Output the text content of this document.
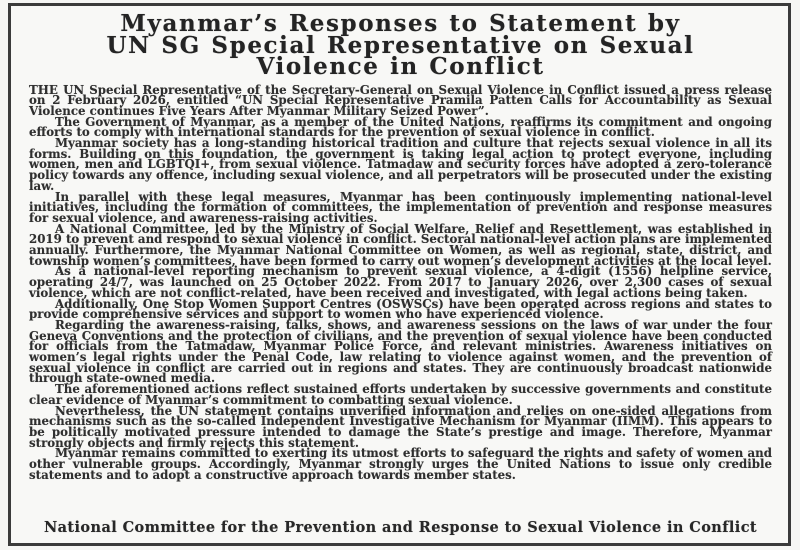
Myanmar’s Responses to Statement by
UN SG Special Representative on Sexual
Violence in Conflict

THE UN Special Representative of the Secretary-General on Sexual Violence in Conflict issued a press release on 2 February 2026, entitled “UN Special Representative Pramila Patten Calls for Accountability as Sexual Violence continues Five Years After Myanmar Military Seized Power”.

The Government of Myanmar, as a member of the United Nations, reaffirms its commitment and ongoing efforts to comply with international standards for the prevention of sexual violence in conflict.

Myanmar society has a long-standing historical tradition and culture that rejects sexual violence in all its forms. Building on this foundation, the government is taking legal action to protect everyone, including women, men and LGBTQI+, from sexual violence. Tatmadaw and security forces have adopted a zero-tolerance policy towards any offence, including sexual violence, and all perpetrators will be prosecuted under the existing law.

In parallel with these legal measures, Myanmar has been continuously implementing national-level initiatives, including the formation of committees, the implementation of prevention and response measures for sexual violence, and awareness-raising activities.

A National Committee, led by the Ministry of Social Welfare, Relief and Resettlement, was established in 2019 to prevent and respond to sexual violence in conflict. Sectoral national-level action plans are implemented annually. Furthermore, the Myanmar National Committee on Women, as well as regional, state, district, and township women’s committees, have been formed to carry out women’s development activities at the local level.

As a national-level reporting mechanism to prevent sexual violence, a 4-digit (1556) helpline service, operating 24/7, was launched on 25 October 2022. From 2017 to January 2026, over 2,300 cases of sexual violence, which are not conflict-related, have been received and investigated, with legal actions being taken.

Additionally, One Stop Women Support Centres (OSWSCs) have been operated across regions and states to provide comprehensive services and support to women who have experienced violence.

Regarding the awareness-raising, talks, shows, and awareness sessions on the laws of war under the four Geneva Conventions and the protection of civilians, and the prevention of sexual violence have been conducted for officials from the Tatmadaw, Myanmar Police Force, and relevant ministries. Awareness initiatives on women’s legal rights under the Penal Code, law relating to violence against women, and the prevention of sexual violence in conflict are carried out in regions and states. They are continuously broadcast nationwide through state-owned media.

The aforementioned actions reflect sustained efforts undertaken by successive governments and constitute clear evidence of Myanmar’s commitment to combatting sexual violence.

Nevertheless, the UN statement contains unverified information and relies on one-sided allegations from mechanisms such as the so-called Independent Investigative Mechanism for Myanmar (IIMM). This appears to be politically motivated pressure intended to damage the State’s prestige and image. Therefore, Myanmar strongly objects and firmly rejects this statement.

Myanmar remains committed to exerting its utmost efforts to safeguard the rights and safety of women and other vulnerable groups. Accordingly, Myanmar strongly urges the United Nations to issue only credible statements and to adopt a constructive approach towards member states.

National Committee for the Prevention and Response to Sexual Violence in Conflict
